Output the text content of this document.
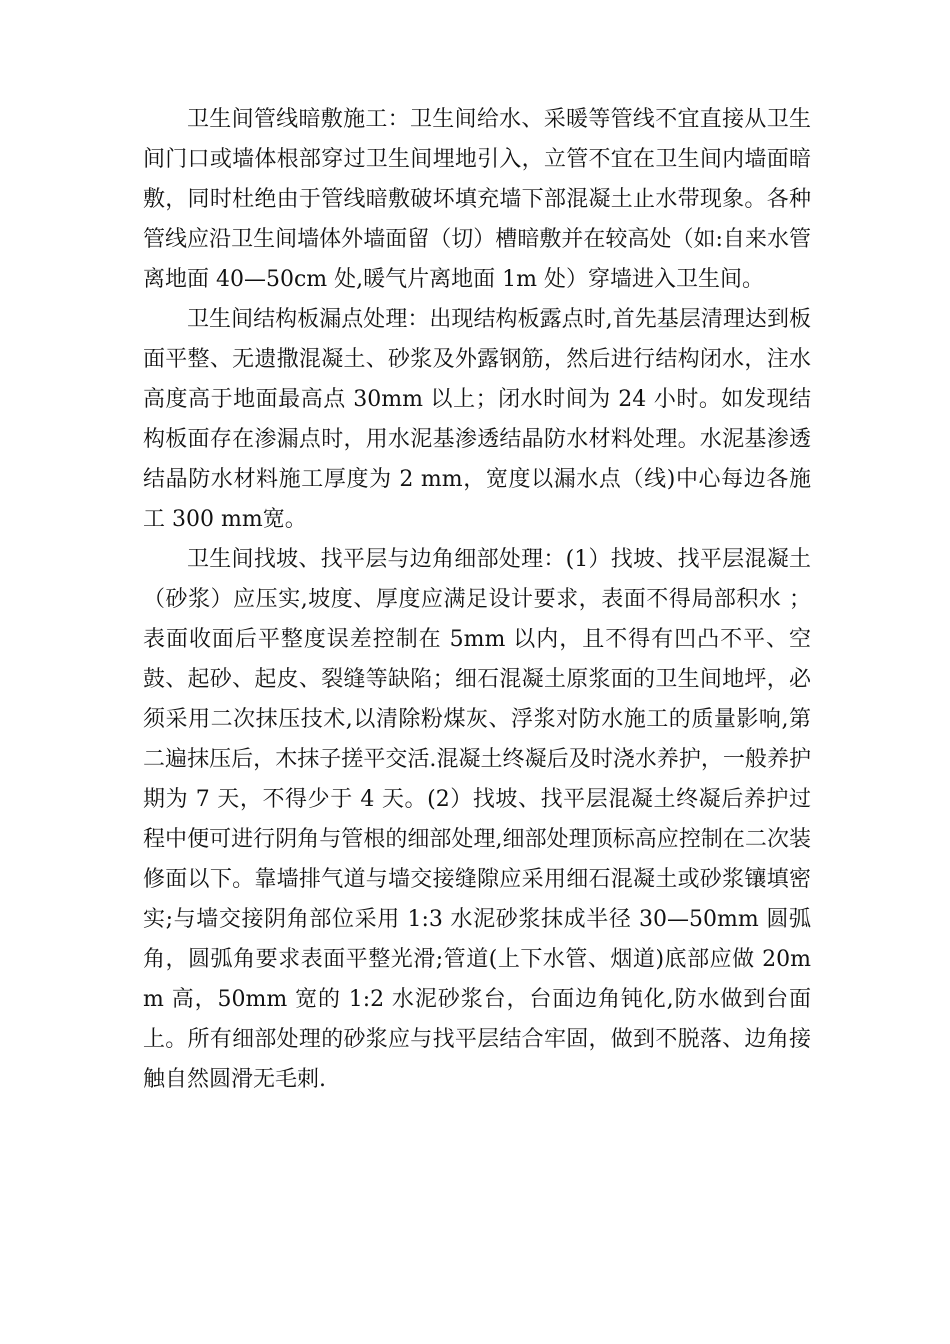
卫生间管线暗敷施工：卫生间给水、采暖等管线不宜直接从卫生间门口或墙体根部穿过卫生间埋地引入，立管不宜在卫生间内墙面暗敷，同时杜绝由于管线暗敷破坏填充墙下部混凝土止水带现象。各种管线应沿卫生间墙体外墙面留（切）槽暗敷并在较高处（如:自来水管离地面 40—50cm 处,暖气片离地面 1m 处）穿墙进入卫生间。

卫生间结构板漏点处理：出现结构板露点时,首先基层清理达到板面平整、无遗撒混凝土、砂浆及外露钢筋，然后进行结构闭水，注水高度高于地面最高点 30mm 以上；闭水时间为 24 小时。如发现结构板面存在渗漏点时，用水泥基渗透结晶防水材料处理。水泥基渗透结晶防水材料施工厚度为 2 mm，宽度以漏水点（线)中心每边各施工 300 mm宽。

卫生间找坡、找平层与边角细部处理：(1）找坡、找平层混凝土（砂浆）应压实,坡度、厚度应满足设计要求，表面不得局部积水 ；表面收面后平整度误差控制在 5mm 以内，且不得有凹凸不平、空鼓、起砂、起皮、裂缝等缺陷；细石混凝土原浆面的卫生间地坪，必须采用二次抹压技术,以清除粉煤灰、浮浆对防水施工的质量影响,第二遍抹压后，木抹子搓平交活.混凝土终凝后及时浇水养护，一般养护期为 7 天，不得少于 4 天。(2）找坡、找平层混凝土终凝后养护过程中便可进行阴角与管根的细部处理,细部处理顶标高应控制在二次装修面以下。靠墙排气道与墙交接缝隙应采用细石混凝土或砂浆镶填密实;与墙交接阴角部位采用 1:3 水泥砂浆抹成半径 30—50mm 圆弧角，圆弧角要求表面平整光滑;管道(上下水管、烟道)底部应做 20mm 高，50mm 宽的 1:2 水泥砂浆台，台面边角钝化,防水做到台面上。所有细部处理的砂浆应与找平层结合牢固，做到不脱落、边角接触自然圆滑无毛刺.
